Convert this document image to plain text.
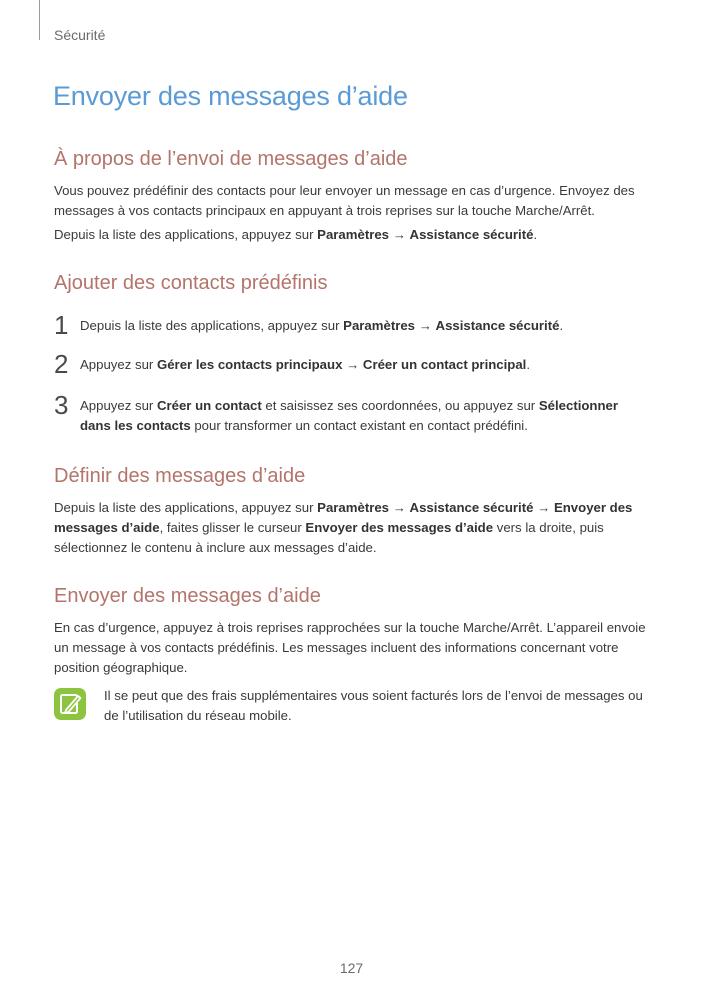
Sécurité
Envoyer des messages d’aide
À propos de l’envoi de messages d’aide

Vous pouvez prédéfinir des contacts pour leur envoyer un message en cas d’urgence. Envoyez des messages à vos contacts principaux en appuyant à trois reprises sur la touche Marche/Arrêt.

Depuis la liste des applications, appuyez sur Paramètres → Assistance sécurité.

Ajouter des contacts prédéfinis
1 Depuis la liste des applications, appuyez sur Paramètres → Assistance sécurité.
2 Appuyez sur Gérer les contacts principaux → Créer un contact principal.
3 Appuyez sur Créer un contact et saisissez ses coordonnées, ou appuyez sur Sélectionner dans les contacts pour transformer un contact existant en contact prédéfini.
Définir des messages d’aide

Depuis la liste des applications, appuyez sur Paramètres → Assistance sécurité → Envoyer des messages d’aide, faites glisser le curseur Envoyer des messages d’aide vers la droite, puis sélectionnez le contenu à inclure aux messages d’aide.

Envoyer des messages d’aide

En cas d’urgence, appuyez à trois reprises rapprochées sur la touche Marche/Arrêt. L’appareil envoie un message à vos contacts prédéfinis. Les messages incluent des informations concernant votre position géographique.

Il se peut que des frais supplémentaires vous soient facturés lors de l’envoi de messages ou de l’utilisation du réseau mobile.
127
